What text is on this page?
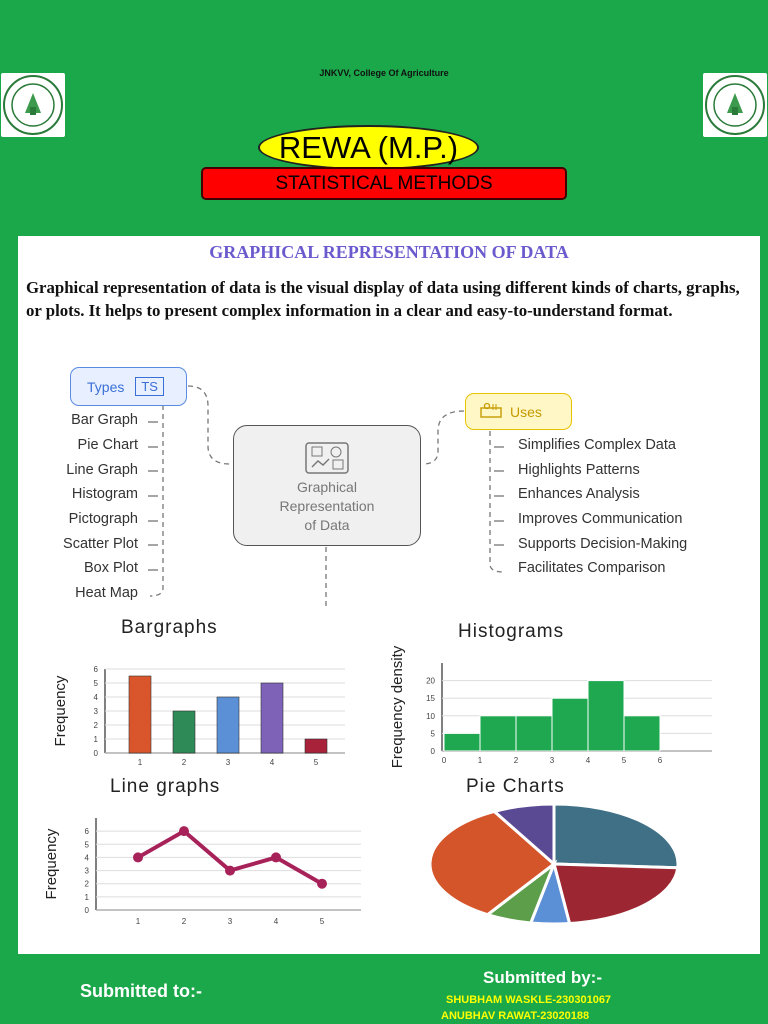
JNKVV, College Of Agriculture
REWA (M.P.)
STATISTICAL METHODS
GRAPHICAL REPRESENTATION OF DATA
Graphical representation of data is the visual display of data using different kinds of charts, graphs, or plots. It helps to present complex information in a clear and easy-to-understand format.
Types	TS
Uses
Graphical
Representation
of Data
Bar Graph
Pie Chart
Line Graph
Histogram
Pictograph
Scatter Plot
Box Plot
Heat Map
Simplifies Complex Data
Highlights Patterns
Enhances Analysis
Improves Communication
Supports Decision-Making
Facilitates Comparison
Bargraphs	Histograms
Line graphs	Pie Charts
Frequency
0
1
2
3
4
5
6
1	2	3	4	5	Frequency density	0
5
10
15
20
0	1	2	3	4	5	6
Frequency
0
1
2
3
4
5
6
1	2	3	4	5
Submitted to:-
Submitted by:-
SHUBHAM WASKLE-230301067
ANUBHAV RAWAT-23020188
